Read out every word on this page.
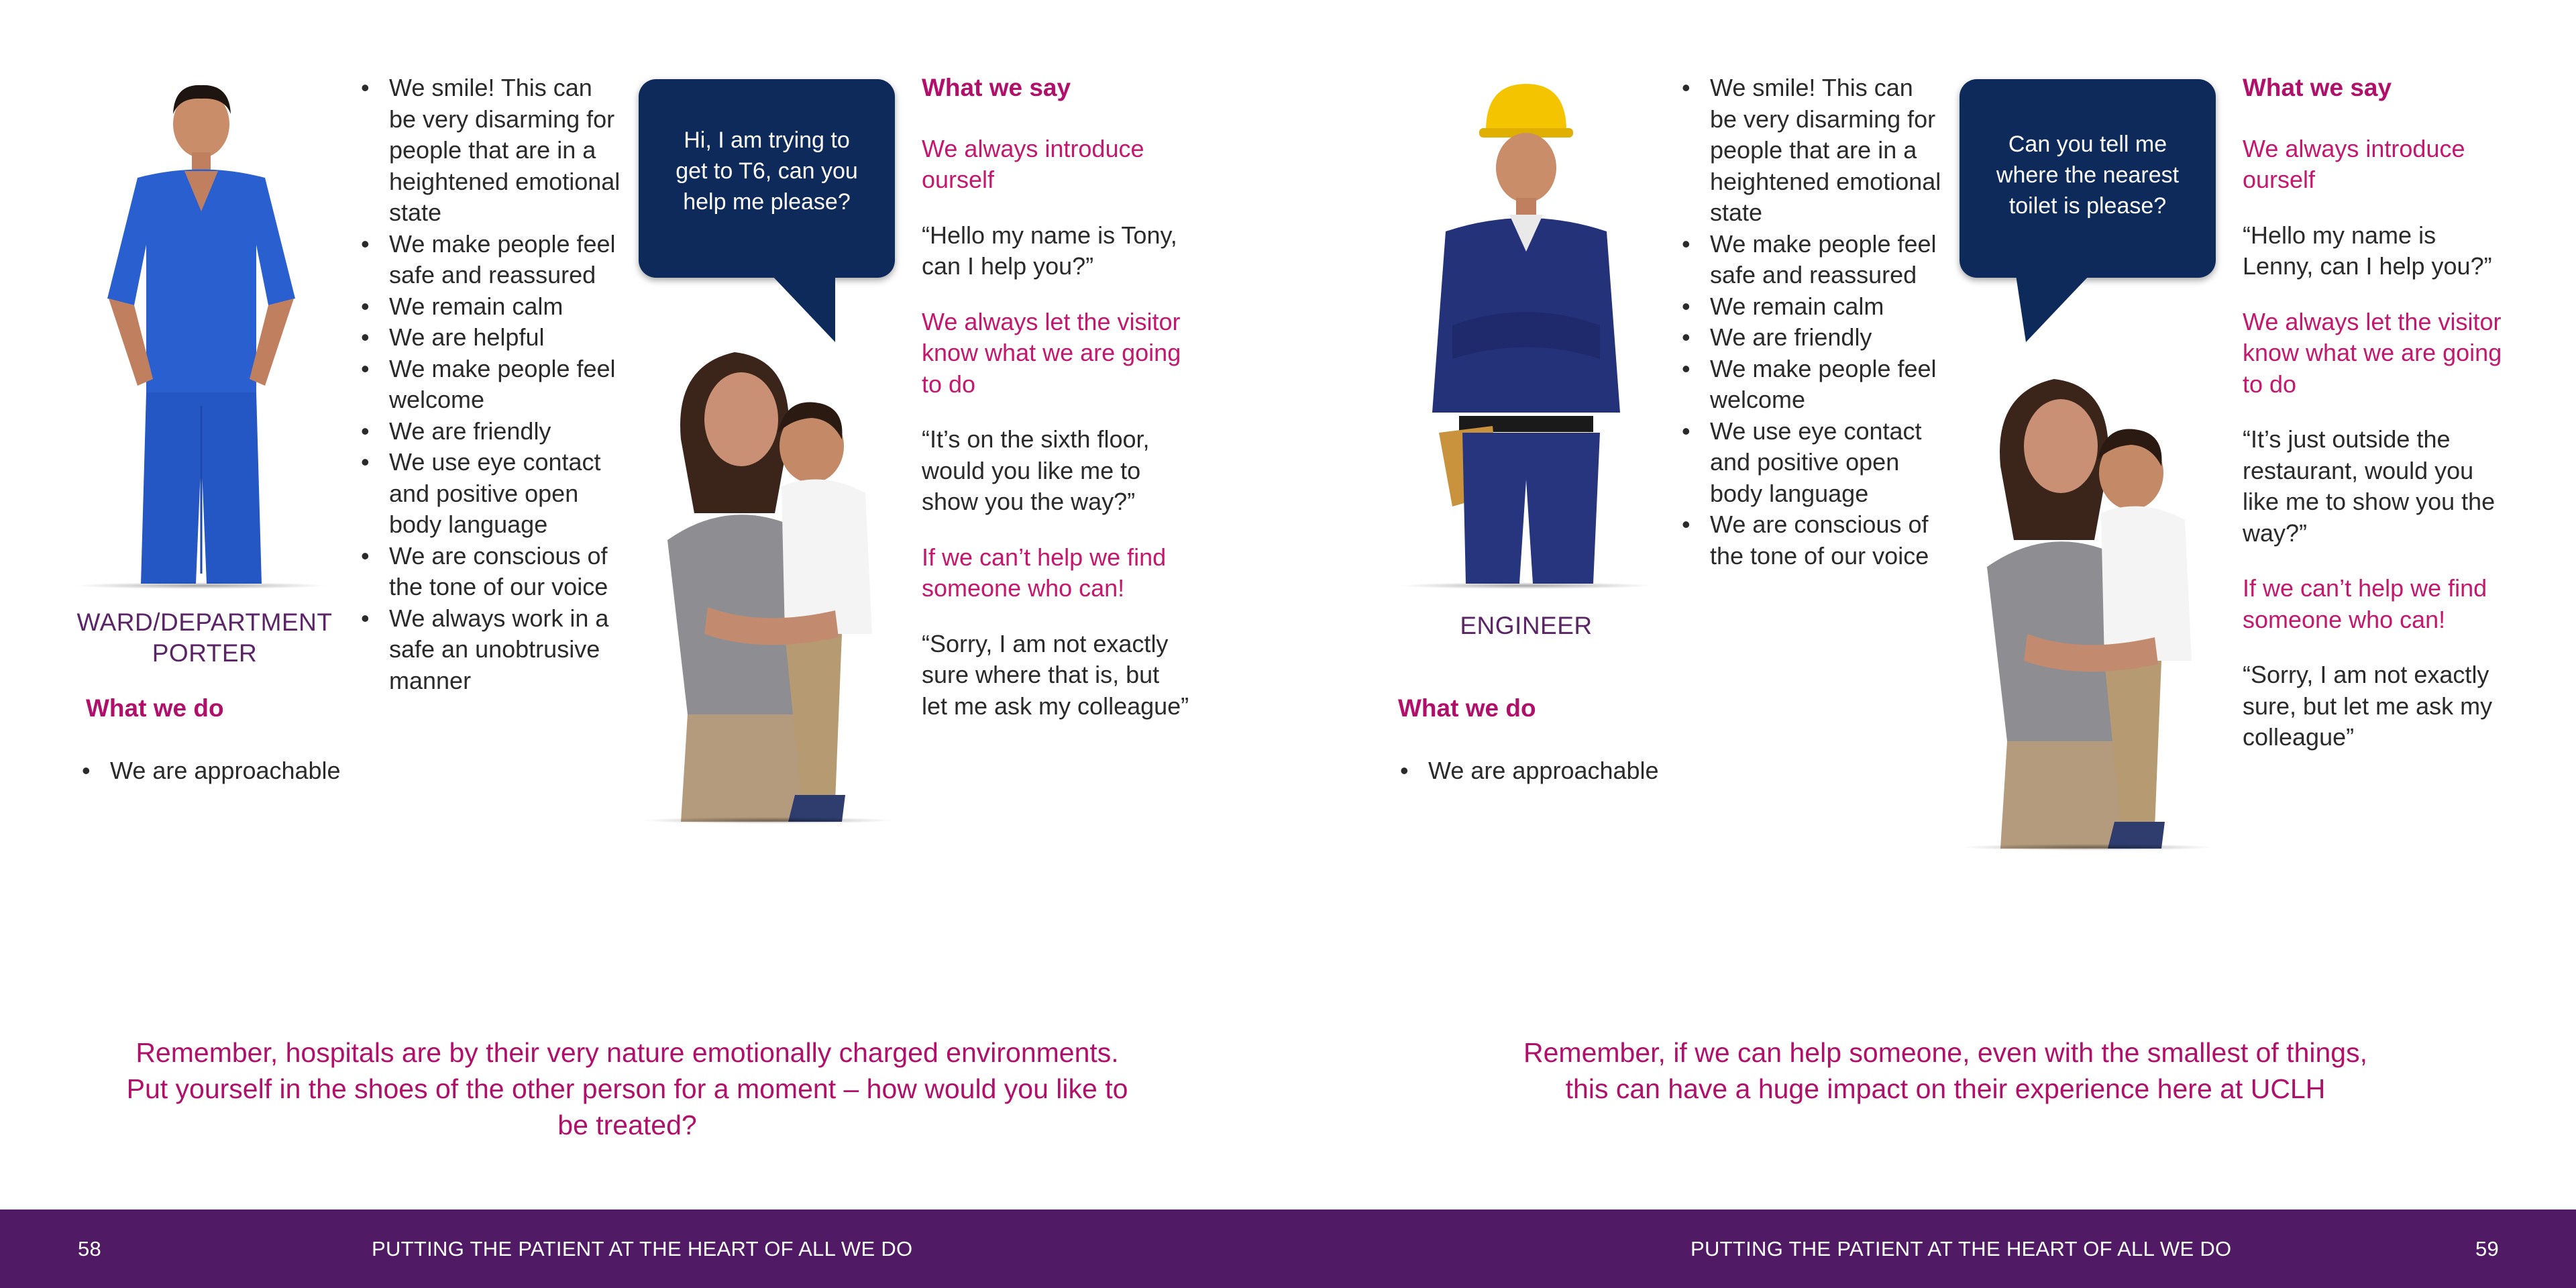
WARD/DEPARTMENT PORTER
What we do
• We are approachable
• We smile! This can be very disarming for people that are in a heightened emotional state
• We make people feel safe and reassured
• We remain calm
• We are helpful
• We make people feel welcome
• We are friendly
• We use eye contact and positive open body language
• We are conscious of the tone of our voice
• We always work in a safe an unobtrusive manner
Hi, I am trying to get to T6, can you help me please?

What we say

We always introduce ourself

“Hello my name is Tony, can I help you?”

We always let the visitor know what we are going to do

“It’s on the sixth floor, would you like me to show you the way?”

If we can’t help we find someone who can!

“Sorry, I am not exactly sure where that is, but let me ask my colleague”

Remember, hospitals are by their very nature emotionally charged environments. Put yourself in the shoes of the other person for a moment – how would you like to be treated?
ENGINEER
What we do
• We are approachable
• We smile! This can be very disarming for people that are in a heightened emotional state
• We make people feel safe and reassured
• We remain calm
• We are friendly
• We make people feel welcome
• We use eye contact and positive open body language
• We are conscious of the tone of our voice
Can you tell me where the nearest toilet is please?

What we say

We always introduce ourself

“Hello my name is Lenny, can I help you?”

We always let the visitor know what we are going to do

“It’s just outside the restaurant, would you like me to show you the way?”

If we can’t help we find someone who can!

“Sorry, I am not exactly sure, but let me ask my colleague”

Remember, if we can help someone, even with the smallest of things, this can have a huge impact on their experience here at UCLH
58	PUTTING THE PATIENT AT THE HEART OF ALL WE DO	PUTTING THE PATIENT AT THE HEART OF ALL WE DO	59
